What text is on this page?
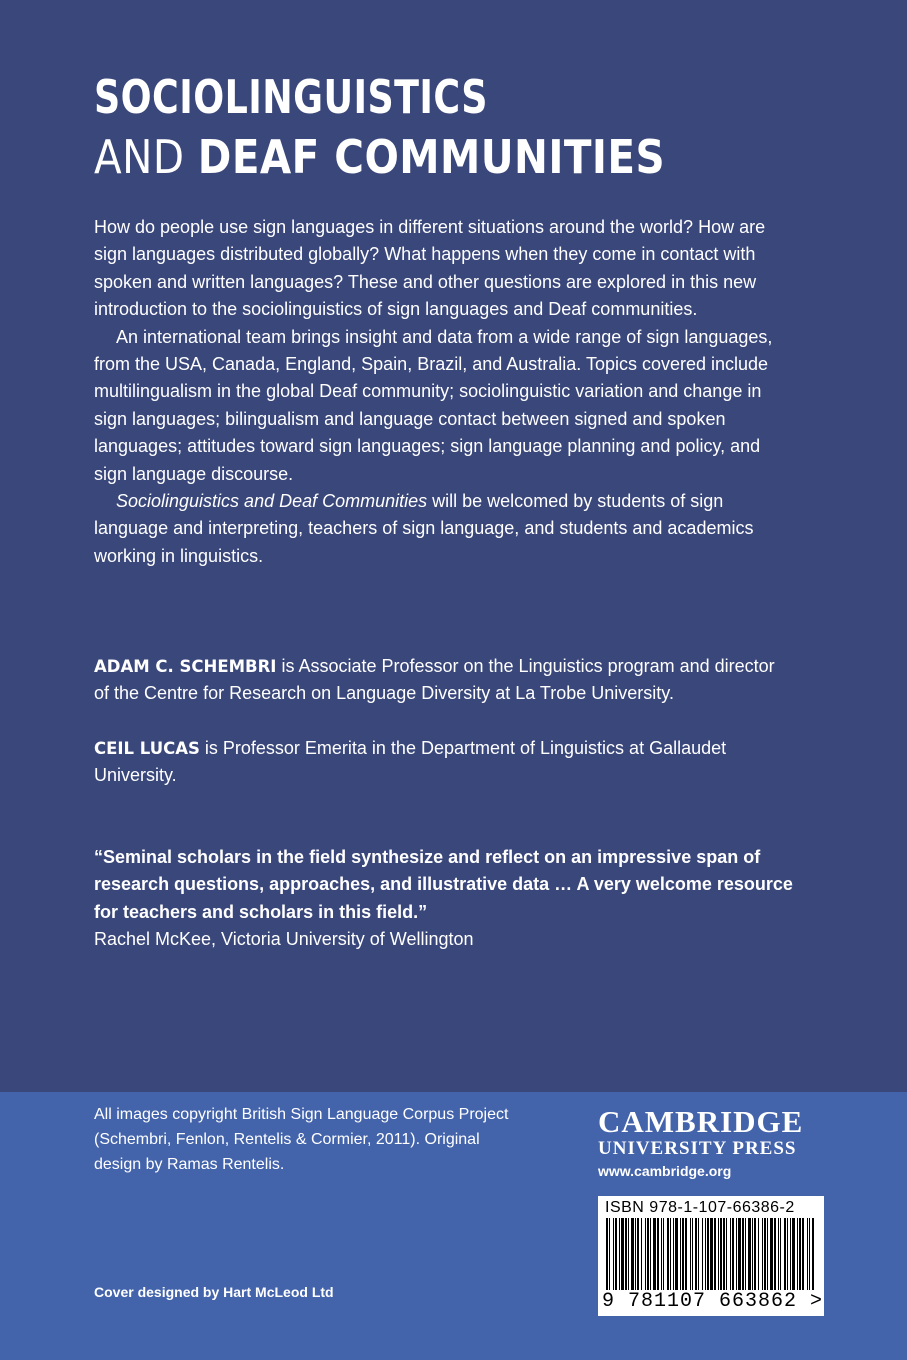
SOCIOLINGUISTICS
AND DEAF COMMUNITIES

How do people use sign languages in different situations around the world? How are sign languages distributed globally? What happens when they come in contact with spoken and written languages? These and other questions are explored in this new introduction to the sociolinguistics of sign languages and Deaf communities.

An international team brings insight and data from a wide range of sign languages, from the USA, Canada, England, Spain, Brazil, and Australia. Topics covered include multilingualism in the global Deaf community; sociolinguistic variation and change in sign languages; bilingualism and language contact between signed and spoken languages; attitudes toward sign languages; sign language planning and policy, and sign language discourse.

Sociolinguistics and Deaf Communities will be welcomed by students of sign language and interpreting, teachers of sign language, and students and academics working in linguistics.

ADAM C. SCHEMBRI is Associate Professor on the Linguistics program and director of the Centre for Research on Language Diversity at La Trobe University.

CEIL LUCAS is Professor Emerita in the Department of Linguistics at Gallaudet University.

“Seminal scholars in the field synthesize and reflect on an impressive span of research questions, approaches, and illustrative data … A very welcome resource for teachers and scholars in this field.”

Rachel McKee, Victoria University of Wellington

All images copyright British Sign Language Corpus Project (Schembri, Fenlon, Rentelis & Cormier, 2011). Original design by Ramas Rentelis.

Cover designed by Hart McLeod Ltd

CAMBRIDGE
UNIVERSITY PRESS
www.cambridge.org
ISBN 978-1-107-66386-2
9 781107 663862 >
